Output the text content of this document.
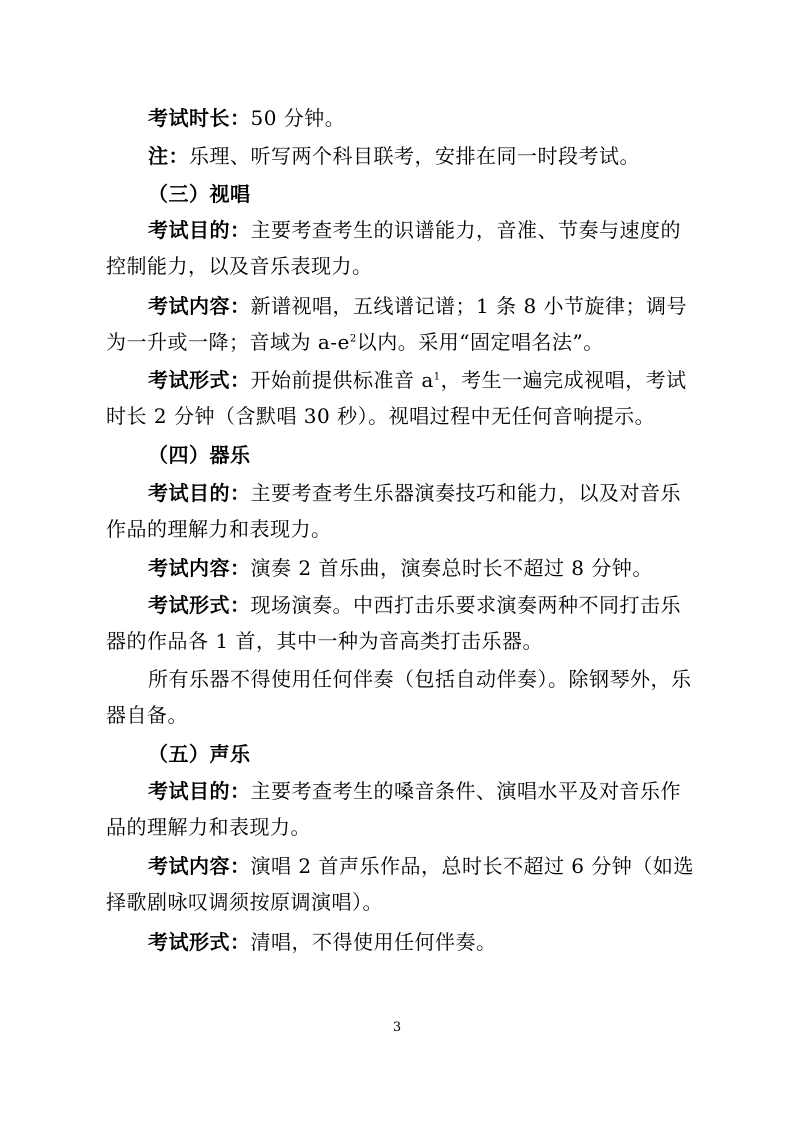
考试时长：50 分钟。

注：乐理、听写两个科目联考，安排在同一时段考试。

（三）视唱

考试目的：主要考查考生的识谱能力，音准、节奏与速度的控制能力，以及音乐表现力。

考试内容：新谱视唱，五线谱记谱；1 条 8 小节旋律；调号为一升或一降；音域为 $a-e^2$以内。采用“固定唱名法”。

考试形式：开始前提供标准音 $a^1$，考生一遍完成视唱，考试时长 2 分钟（含默唱 30 秒）。视唱过程中无任何音响提示。

（四）器乐

考试目的：主要考查考生乐器演奏技巧和能力，以及对音乐作品的理解力和表现力。

考试内容：演奏 2 首乐曲，演奏总时长不超过 8 分钟。

考试形式：现场演奏。中西打击乐要求演奏两种不同打击乐器的作品各 1 首，其中一种为音高类打击乐器。

所有乐器不得使用任何伴奏（包括自动伴奏）。除钢琴外，乐器自备。

（五）声乐

考试目的：主要考查考生的嗓音条件、演唱水平及对音乐作品的理解力和表现力。

考试内容：演唱 2 首声乐作品，总时长不超过 6 分钟（如选择歌剧咏叹调须按原调演唱）。

考试形式：清唱，不得使用任何伴奏。

3
